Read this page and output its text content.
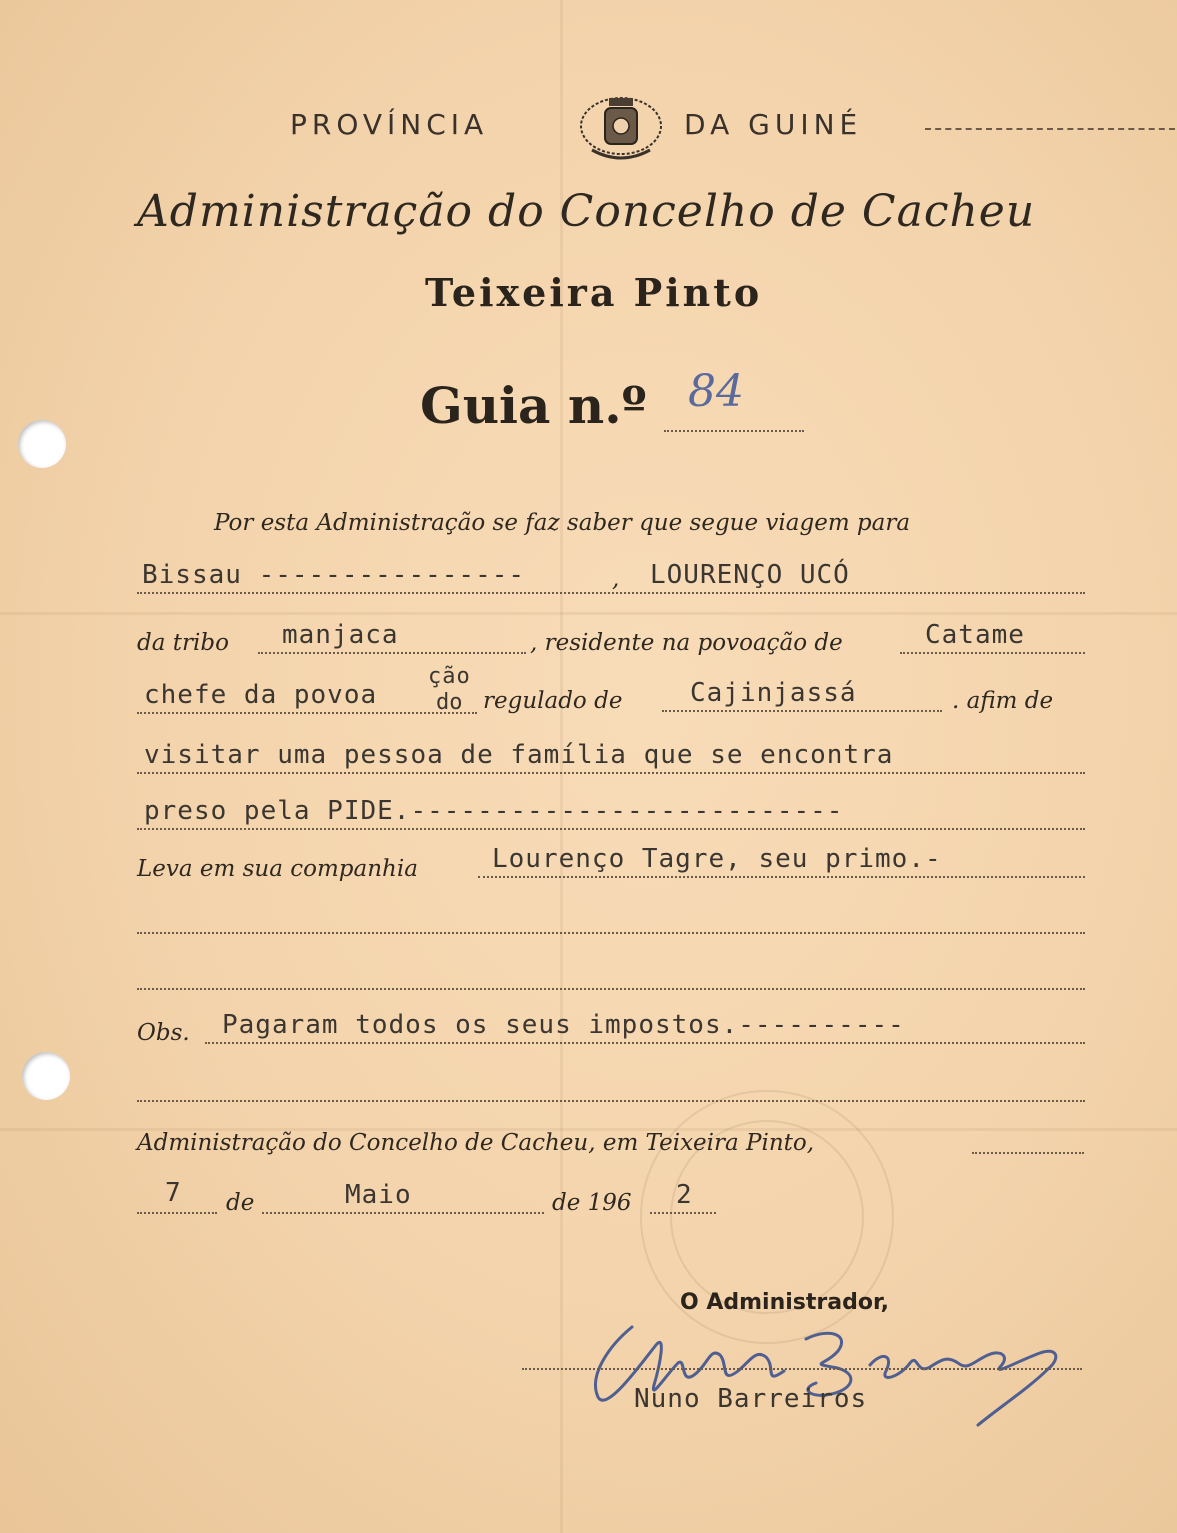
PROVÍNCIA	DA GUINÉ
Administração do Concelho de Cacheu
Teixeira Pinto
Guia n.º 84
Por esta Administração se faz saber que segue viagem para
Bissau ----------------	, LOURENÇO UCÓ
da tribo manjaca	, residente na povoação de	Catame
chefe da povoa
ção
do regulado de	Cajinjassá	. afim de
visitar uma pessoa de família que se encontra
preso pela PIDE.--------------------------
Leva em sua companhia	Lourenço Tagre, seu primo.-
Obs. Pagaram todos os seus impostos.----------
Administração do Concelho de Cacheu, em Teixeira Pinto,
7 de	Maio	de 196 2
O Administrador,
Nuno Barreiros
